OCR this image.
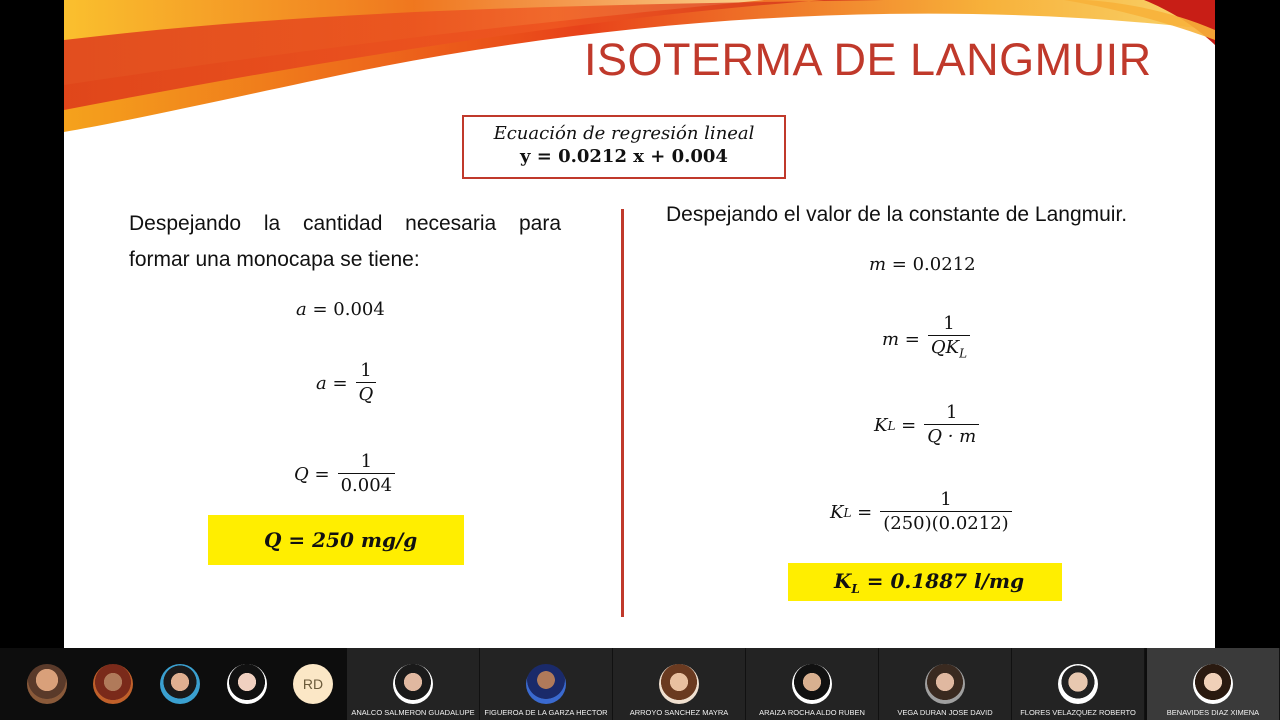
ISOTERMA DE LANGMUIR
Ecuación de regresión lineal
y = 0.0212 x + 0.004
Despejando la cantidad necesaria para
formar una monocapa se tiene:
a = 0.004
$a = \frac{1}{Q}$
$Q = \frac{1}{0.004}$
Q = 250 mg/g
Despejando el valor de la constante de Langmuir.
m = 0.0212
$m = \frac{1}{QK_L}$
K $L = \frac{1}{Q \cdot m}$
K $L = \frac{1}{(250)(0.0212)}$
$K_L = 0.1887$ l/mg
RD
ANALCO SALMERON GUADALUPE	FIGUEROA DE LA GARZA HECTOR	ARROYO SANCHEZ MAYRA	ARAIZA ROCHA ALDO RUBEN	VEGA DURAN JOSE DAVID	FLORES VELAZQUEZ ROBERTO	BENAVIDES DIAZ XIMENA
